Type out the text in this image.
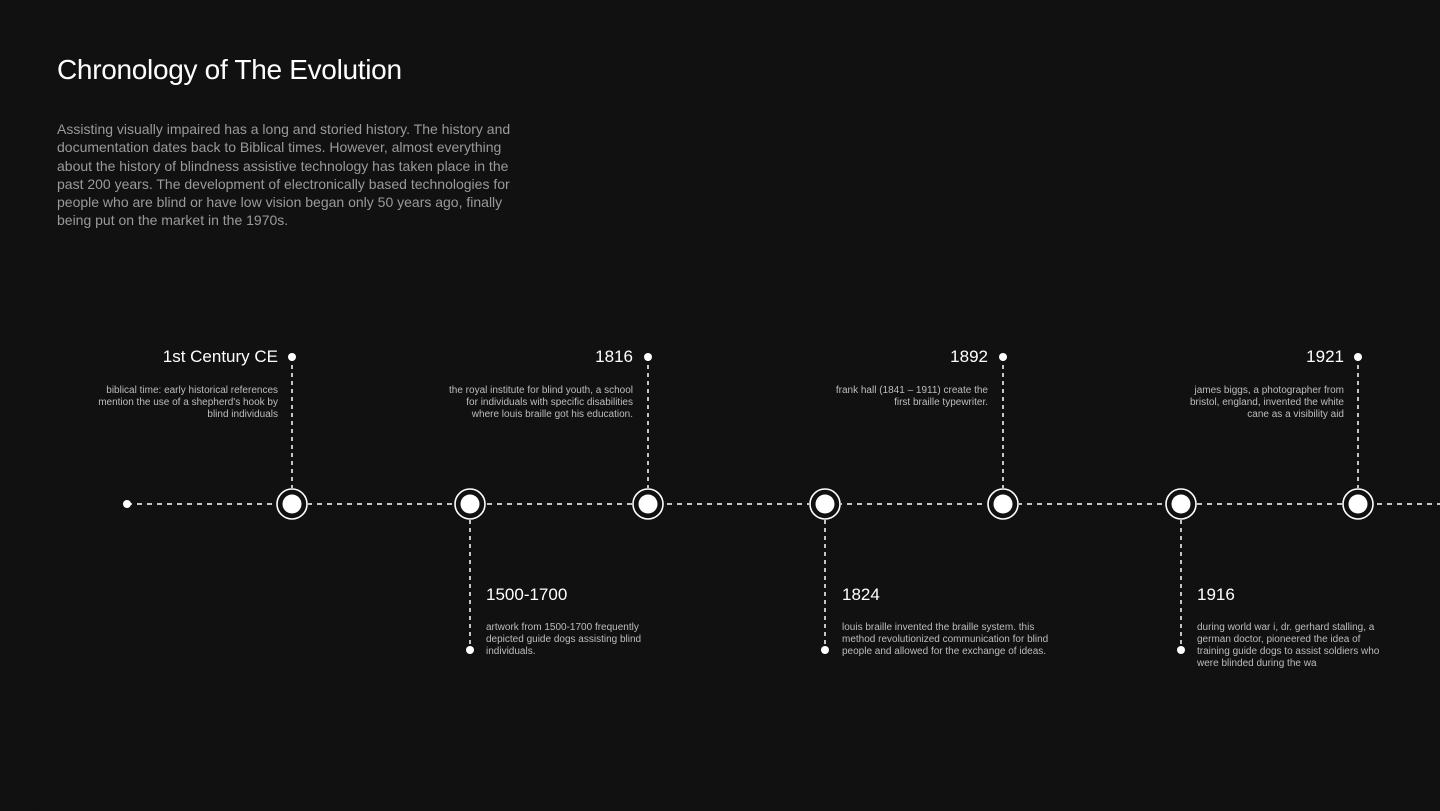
Chronology of The Evolution
Assisting visually impaired has a long and storied history. The history and documentation dates back to Biblical times. However, almost everything about the history of blindness assistive technology has taken place in the past 200 years. The development of electronically based technologies for people who are blind or have low vision began only 50 years ago, finally being put on the market in the 1970s.
1st Century CE
biblical time: early historical references mention the use of a shepherd's hook by blind individuals
1500-1700
artwork from 1500-1700 frequently depicted guide dogs assisting blind individuals.
1816
the royal institute for blind youth, a school for individuals with specific disabilities where louis braille got his education.
1824
louis braille invented the braille system. this method revolutionized communication for blind people and allowed for the exchange of ideas.
1892
frank hall (1841 – 1911) create the first braille typewriter.
1916
during world war i, dr. gerhard stalling, a german doctor, pioneered the idea of training guide dogs to assist soldiers who were blinded during the wa
1921
james biggs, a photographer from bristol, england, invented the white cane as a visibility aid
